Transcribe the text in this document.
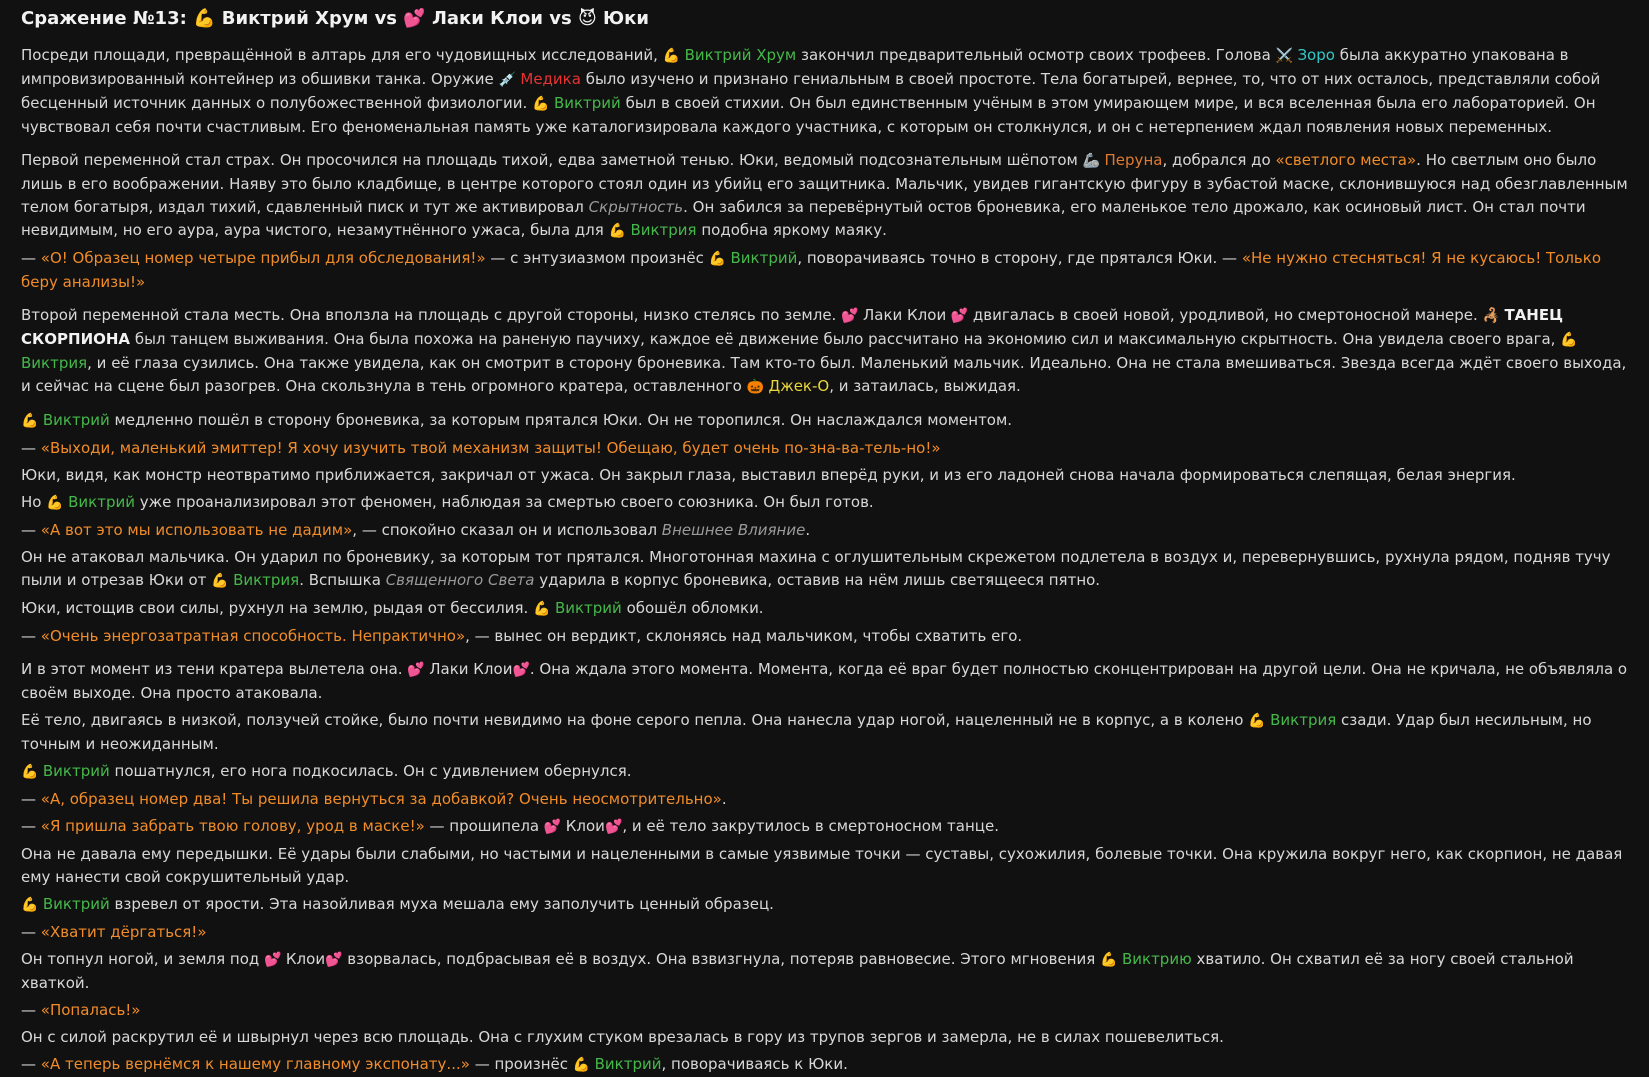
Сражение №13: 💪 Виктрий Хрум vs 💕 Лаки Клои vs 😈 Юки

Посреди площади, превращённой в алтарь для его чудовищных исследований, 💪 Виктрий Хрум закончил предварительный осмотр своих трофеев. Голова ⚔️ Зоро была аккуратно упакована в импровизированный контейнер из обшивки танка. Оружие 💉 Медика было изучено и признано гениальным в своей простоте. Тела богатырей, вернее, то, что от них осталось, представляли собой бесценный источник данных о полубожественной физиологии. 💪 Виктрий был в своей стихии. Он был единственным учёным в этом умирающем мире, и вся вселенная была его лабораторией. Он чувствовал себя почти счастливым. Его феноменальная память уже каталогизировала каждого участника, с которым он столкнулся, и он с нетерпением ждал появления новых переменных.

Первой переменной стал страх. Он просочился на площадь тихой, едва заметной тенью. Юки, ведомый подсознательным шёпотом 🦾 Перуна, добрался до «светлого места». Но светлым оно было лишь в его воображении. Наяву это было кладбище, в центре которого стоял один из убийц его защитника. Мальчик, увидев гигантскую фигуру в зубастой маске, склонившуюся над обезглавленным телом богатыря, издал тихий, сдавленный писк и тут же активировал Скрытность. Он забился за перевёрнутый остов броневика, его маленькое тело дрожало, как осиновый лист. Он стал почти невидимым, но его аура, аура чистого, незамутнённого ужаса, была для 💪 Виктрия подобна яркому маяку.

— «О! Образец номер четыре прибыл для обследования!» — с энтузиазмом произнёс 💪 Виктрий, поворачиваясь точно в сторону, где прятался Юки. — «Не нужно стесняться! Я не кусаюсь! Только беру анализы!»

Второй переменной стала месть. Она вползла на площадь с другой стороны, низко стелясь по земле. 💕 Лаки Клои 💕 двигалась в своей новой, уродливой, но смертоносной манере. 🦂 ТАНЕЦ СКОРПИОНА был танцем выживания. Она была похожа на раненую паучиху, каждое её движение было рассчитано на экономию сил и максимальную скрытность. Она увидела своего врага, 💪 Виктрия, и её глаза сузились. Она также увидела, как он смотрит в сторону броневика. Там кто-то был. Маленький мальчик. Идеально. Она не стала вмешиваться. Звезда всегда ждёт своего выхода, и сейчас на сцене был разогрев. Она скользнула в тень огромного кратера, оставленного 🎃 Джек-О, и затаилась, выжидая.

💪 Виктрий медленно пошёл в сторону броневика, за которым прятался Юки. Он не торопился. Он наслаждался моментом.

— «Выходи, маленький эмиттер! Я хочу изучить твой механизм защиты! Обещаю, будет очень по-зна-ва-тель-но!»

Юки, видя, как монстр неотвратимо приближается, закричал от ужаса. Он закрыл глаза, выставил вперёд руки, и из его ладоней снова начала формироваться слепящая, белая энергия.

Но 💪 Виктрий уже проанализировал этот феномен, наблюдая за смертью своего союзника. Он был готов.

— «А вот это мы использовать не дадим», — спокойно сказал он и использовал Внешнее Влияние.

Он не атаковал мальчика. Он ударил по броневику, за которым тот прятался. Многотонная махина с оглушительным скрежетом подлетела в воздух и, перевернувшись, рухнула рядом, подняв тучу пыли и отрезав Юки от 💪 Виктрия. Вспышка Священного Света ударила в корпус броневика, оставив на нём лишь светящееся пятно.

Юки, истощив свои силы, рухнул на землю, рыдая от бессилия. 💪 Виктрий обошёл обломки.

— «Очень энергозатратная способность. Непрактично», — вынес он вердикт, склоняясь над мальчиком, чтобы схватить его.

И в этот момент из тени кратера вылетела она. 💕 Лаки Клои💕. Она ждала этого момента. Момента, когда её враг будет полностью сконцентрирован на другой цели. Она не кричала, не объявляла о своём выходе. Она просто атаковала.

Её тело, двигаясь в низкой, ползучей стойке, было почти невидимо на фоне серого пепла. Она нанесла удар ногой, нацеленный не в корпус, а в колено 💪 Виктрия сзади. Удар был несильным, но точным и неожиданным.

💪 Виктрий пошатнулся, его нога подкосилась. Он с удивлением обернулся.

— «А, образец номер два! Ты решила вернуться за добавкой? Очень неосмотрительно».

— «Я пришла забрать твою голову, урод в маске!» — прошипела 💕 Клои💕, и её тело закрутилось в смертоносном танце.

Она не давала ему передышки. Её удары были слабыми, но частыми и нацеленными в самые уязвимые точки — суставы, сухожилия, болевые точки. Она кружила вокруг него, как скорпион, не давая ему нанести свой сокрушительный удар.

💪 Виктрий взревел от ярости. Эта назойливая муха мешала ему заполучить ценный образец.

— «Хватит дёргаться!»

Он топнул ногой, и земля под 💕 Клои💕 взорвалась, подбрасывая её в воздух. Она взвизгнула, потеряв равновесие. Этого мгновения 💪 Виктрию хватило. Он схватил её за ногу своей стальной хваткой.

— «Попалась!»

Он с силой раскрутил её и швырнул через всю площадь. Она с глухим стуком врезалась в гору из трупов зергов и замерла, не в силах пошевелиться.

— «А теперь вернёмся к нашему главному экспонату...» — произнёс 💪 Виктрий, поворачиваясь к Юки.
